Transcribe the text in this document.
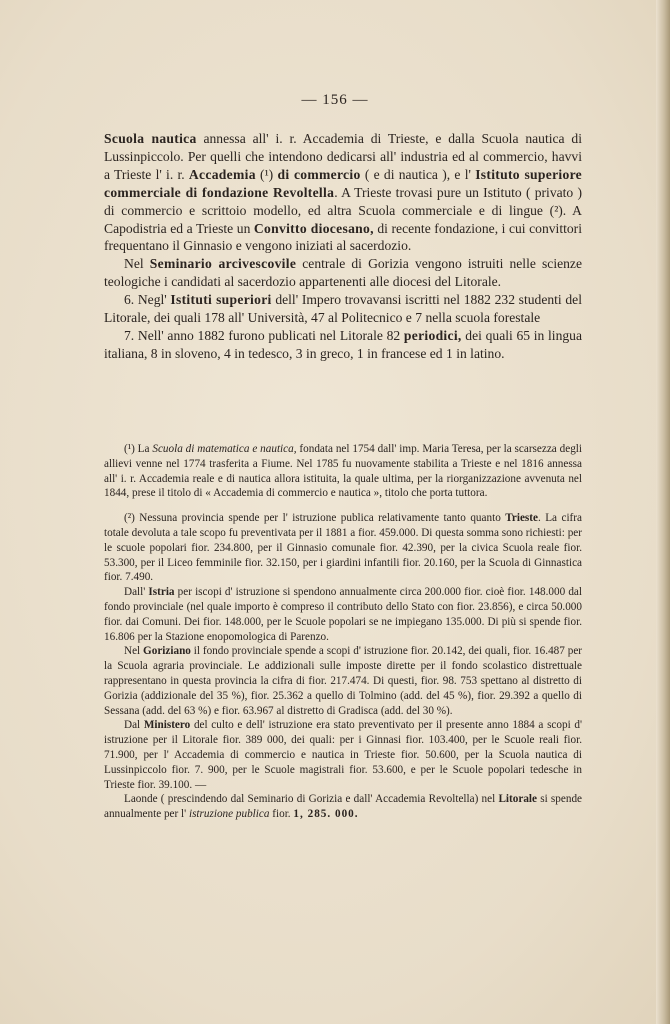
— 156 —

Scuola nautica annessa all' i. r. Accademia di Trieste, e dalla Scuola nautica di Lussinpiccolo. Per quelli che intendono dedicarsi all' industria ed al commercio, havvi a Trieste l' i. r. Accademia (¹) di commercio ( e di nautica ), e l' Istituto superiore commerciale di fondazione Revoltella. A Trieste trovasi pure un Istituto ( privato ) di commercio e scrittoio modello, ed altra Scuola commerciale e di lingue (²). A Capodistria ed a Trieste un Convitto diocesano, di recente fondazione, i cui convittori frequentano il Ginnasio e vengono iniziati al sacerdozio.

Nel Seminario arcivescovile centrale di Gorizia vengono istruiti nelle scienze teologiche i candidati al sacerdozio appartenenti alle diocesi del Litorale.

6. Negl' Istituti superiori dell' Impero trovavansi iscritti nel 1882 232 studenti del Litorale, dei quali 178 all' Università, 47 al Politecnico e 7 nella scuola forestale

7. Nell' anno 1882 furono publicati nel Litorale 82 periodici, dei quali 65 in lingua italiana, 8 in sloveno, 4 in tedesco, 3 in greco, 1 in francese ed 1 in latino.

(¹) La Scuola di matematica e nautica, fondata nel 1754 dall' imp. Maria Teresa, per la scarsezza degli allievi venne nel 1774 trasferita a Fiume. Nel 1785 fu nuovamente stabilita a Trieste e nel 1816 annessa all' i. r. Accademia reale e di nautica allora istituita, la quale ultima, per la riorganizzazione avvenuta nel 1844, prese il titolo di « Accademia di commercio e nautica », titolo che porta tuttora.

(²) Nessuna provincia spende per l' istruzione publica relativamente tanto quanto Trieste. La cifra totale devoluta a tale scopo fu preventivata per il 1881 a fior. 459.000. Di questa somma sono richiesti: per le scuole popolari fior. 234.800, per il Ginnasio comunale fior. 42.390, per la civica Scuola reale fior. 53.300, per il Liceo femminile fior. 32.150, per i giardini infantili fior. 20.160, per la Scuola di Ginnastica fior. 7.490.

Dall' Istria per iscopi d' istruzione si spendono annualmente circa 200.000 fior. cioè fior. 148.000 dal fondo provinciale (nel quale importo è compreso il contributo dello Stato con fior. 23.856), e circa 50.000 fior. dai Comuni. Dei fior. 148.000, per le Scuole popolari se ne impiegano 135.000. Di più si spende fior. 16.806 per la Stazione enopomologica di Parenzo.

Nel Goriziano il fondo provinciale spende a scopi d' istruzione fior. 20.142, dei quali, fior. 16.487 per la Scuola agraria provinciale. Le addizionali sulle imposte dirette per il fondo scolastico distrettuale rappresentano in questa provincia la cifra di fior. 217.474. Di questi, fior. 98. 753 spettano al distretto di Gorizia (addizionale del 35 %), fior. 25.362 a quello di Tolmino (add. del 45 %), fior. 29.392 a quello di Sessana (add. del 63 %) e fior. 63.967 al distretto di Gradisca (add. del 30 %).

Dal Ministero del culto e dell' istruzione era stato preventivato per il presente anno 1884 a scopi d' istruzione per il Litorale fior. 389 000, dei quali: per i Ginnasi fior. 103.400, per le Scuole reali fior. 71.900, per l' Accademia di commercio e nautica in Trieste fior. 50.600, per la Scuola nautica di Lussinpiccolo fior. 7. 900, per le Scuole magistrali fior. 53.600, e per le Scuole popolari tedesche in Trieste fior. 39.100. —

Laonde ( prescindendo dal Seminario di Gorizia e dall' Accademia Revoltella) nel Litorale si spende annualmente per l' istruzione publica fior. 1, 285. 000.
